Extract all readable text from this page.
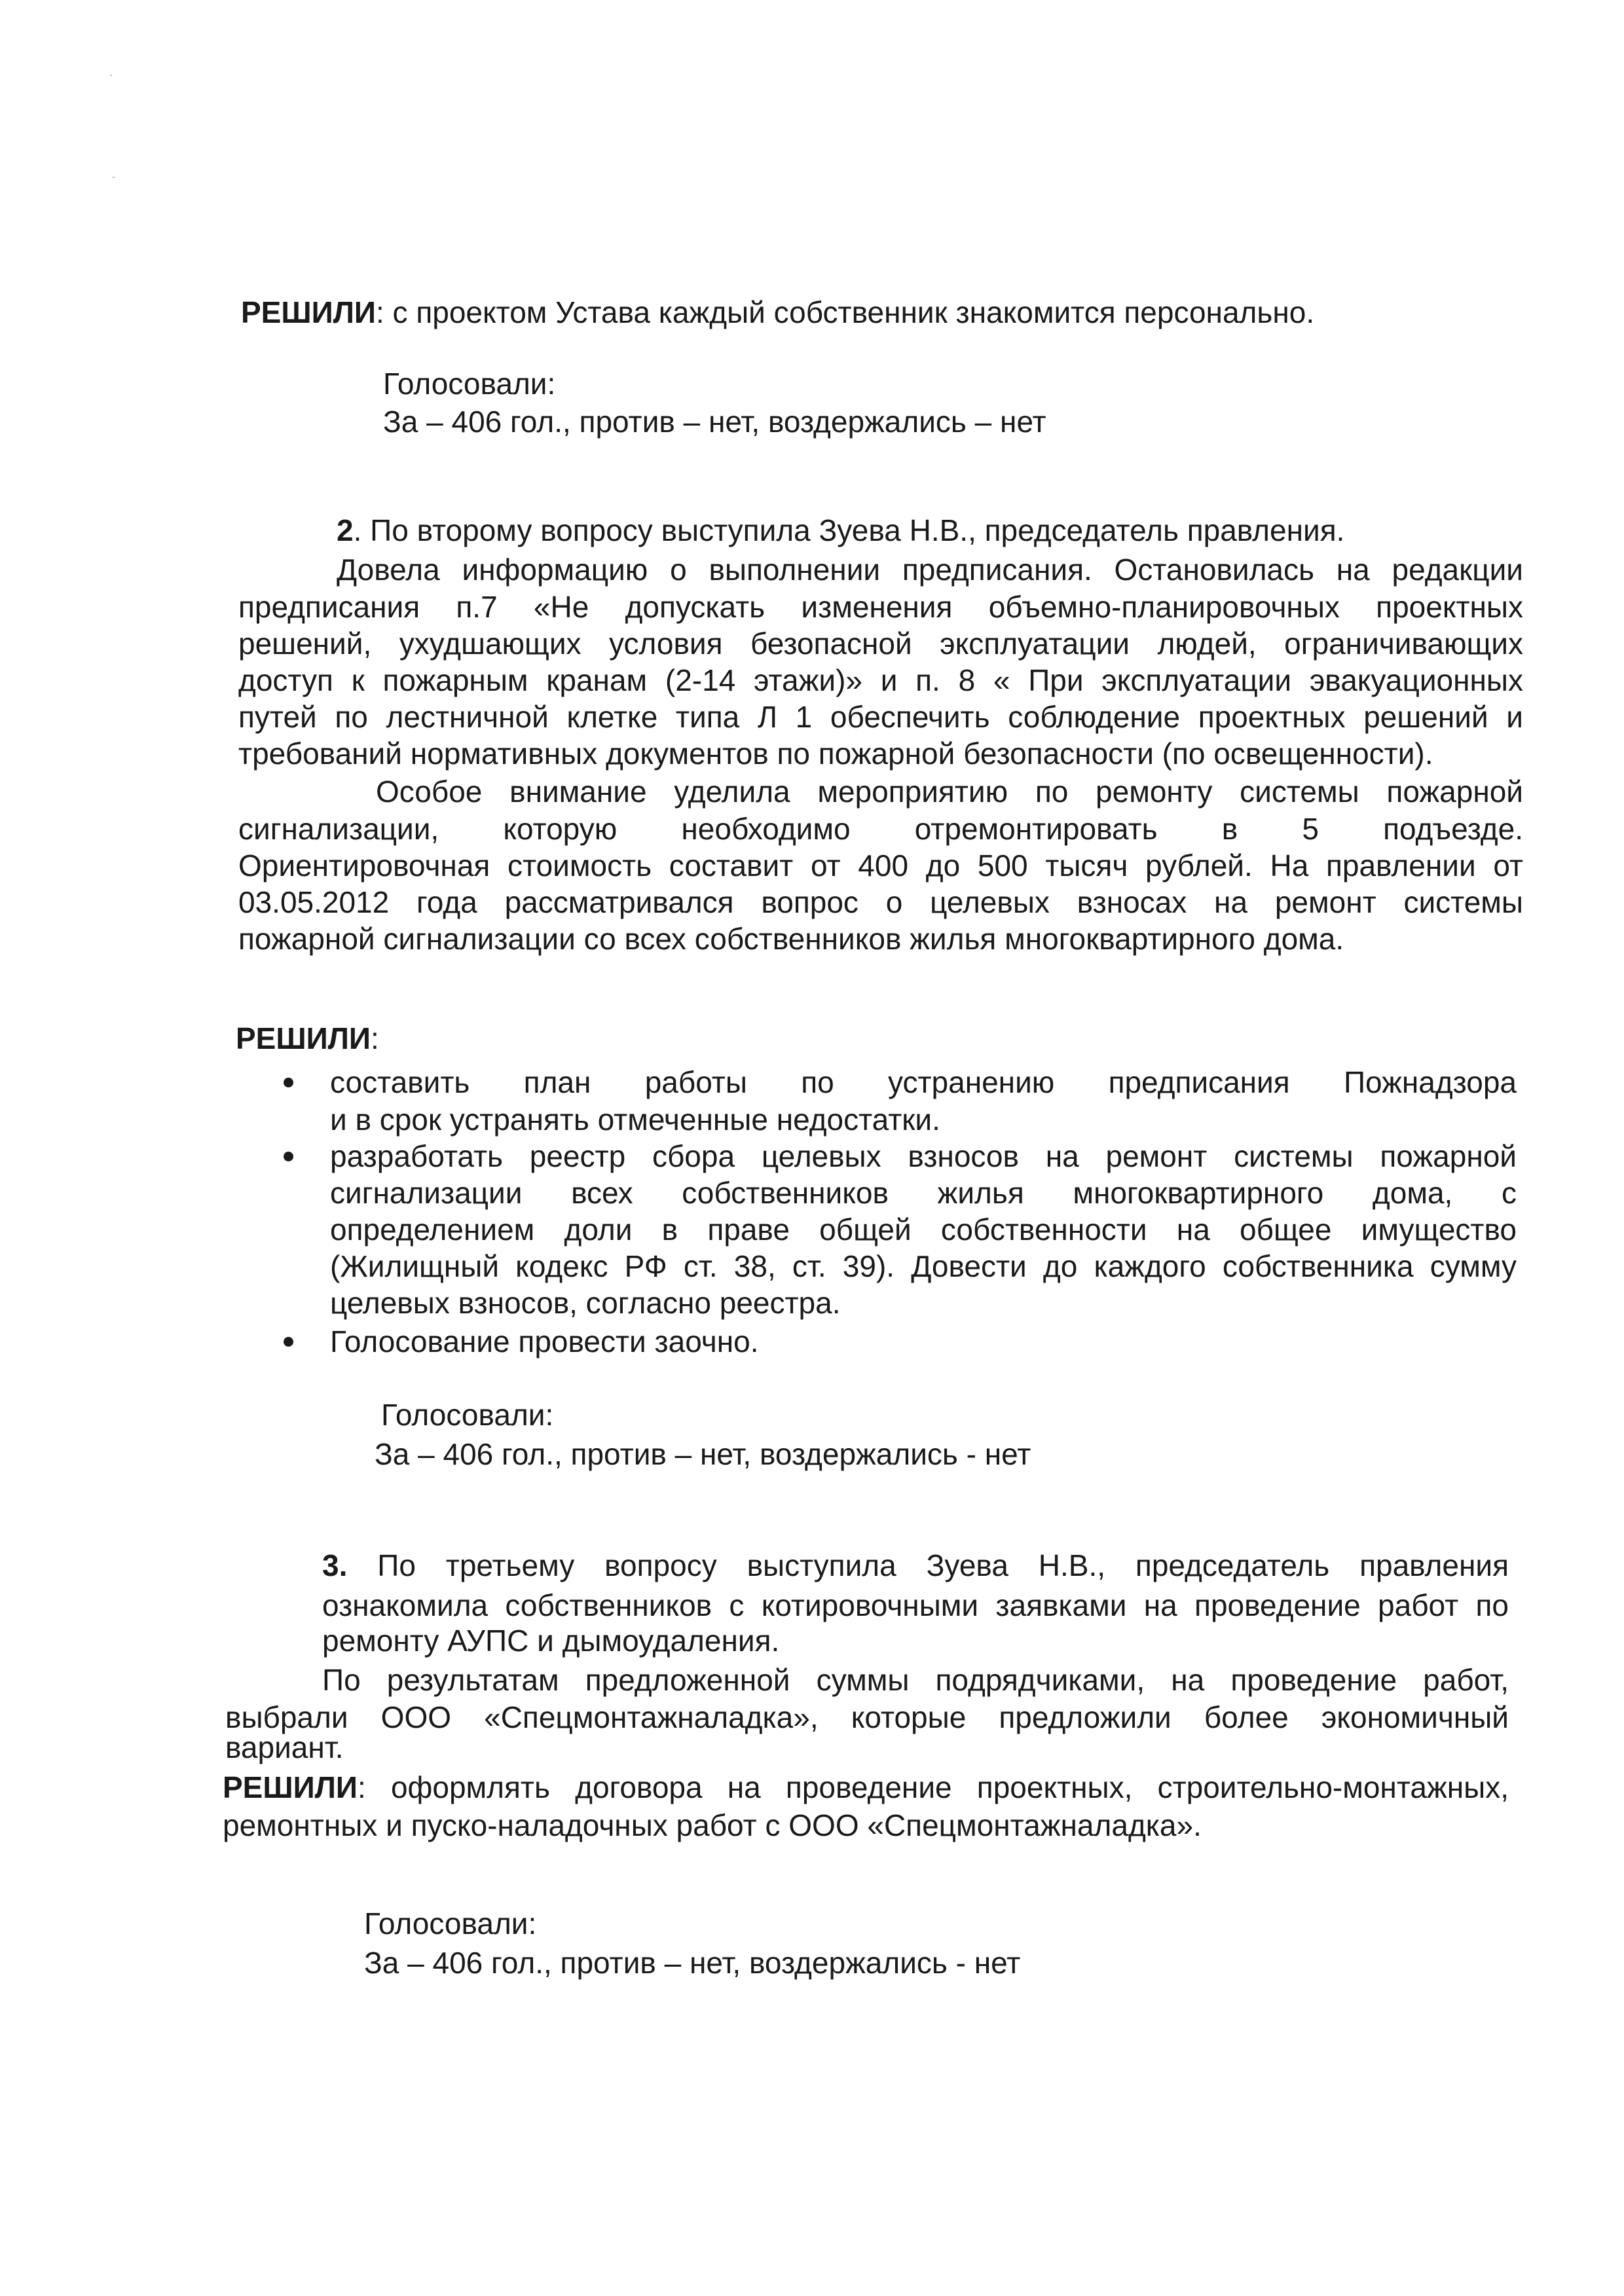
РЕШИЛИ: с проектом Устава каждый собственник знакомится персонально.
Голосовали:
За – 406 гол., против – нет, воздержались – нет
2. По второму вопросу выступила Зуева Н.В., председатель правления.
Довела информацию о выполнении предписания. Остановилась на редакции
предписания п.7 «Не допускать изменения объемно-планировочных проектных
решений, ухудшающих условия безопасной эксплуатации людей, ограничивающих
доступ к пожарным кранам (2-14 этажи)» и п. 8 « При эксплуатации эвакуационных
путей по лестничной клетке типа Л 1 обеспечить соблюдение проектных решений и
требований нормативных документов по пожарной безопасности (по освещенности).
Особое внимание уделила мероприятию по ремонту системы пожарной
сигнализации, которую необходимо отремонтировать в 5 подъезде.
Ориентировочная стоимость составит от 400 до 500 тысяч рублей. На правлении от
03.05.2012 года рассматривался вопрос о целевых взносах на ремонт системы
пожарной сигнализации со всех собственников жилья многоквартирного дома.
РЕШИЛИ:
составить план работы по устранению предписания Пожнадзора
и в срок устранять отмеченные недостатки.
разработать реестр сбора целевых взносов на ремонт системы пожарной
сигнализации всех собственников жилья многоквартирного дома, с
определением доли в праве общей собственности на общее имущество
(Жилищный кодекс РФ ст. 38, ст. 39). Довести до каждого собственника сумму
целевых взносов, согласно реестра.
Голосование провести заочно.
Голосовали:
За – 406 гол., против – нет, воздержались - нет
3. По третьему вопросу выступила Зуева Н.В., председатель правления
ознакомила собственников с котировочными заявками на проведение работ по
ремонту АУПС и дымоудаления.
По результатам предложенной суммы подрядчиками, на проведение работ,
выбрали ООО «Спецмонтажналадка», которые предложили более экономичный
вариант.
РЕШИЛИ: оформлять договора на проведение проектных, строительно-монтажных,
ремонтных и пуско-наладочных работ с ООО «Спецмонтажналадка».
Голосовали:
За – 406 гол., против – нет, воздержались - нет
